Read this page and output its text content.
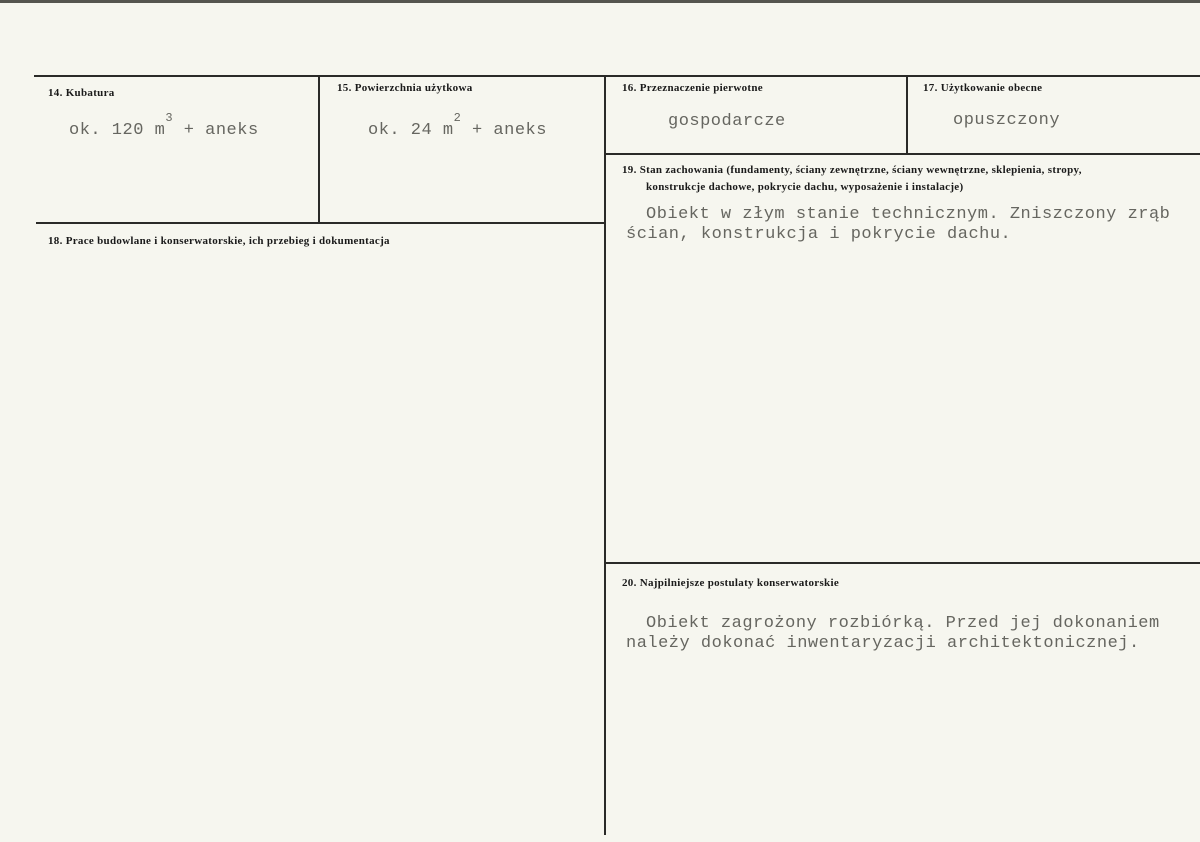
14. Kubatura
ok. 120 $m^3$ + aneks
15. Powierzchnia użytkowa
ok. 24 $m^2$ + aneks
16. Przeznaczenie pierwotne
gospodarcze
17. Użytkowanie obecne
opuszczony
18. Prace budowlane i konserwatorskie, ich przebieg i dokumentacja
19. Stan zachowania (fundamenty, ściany zewnętrzne, ściany wewnętrzne, sklepienia, stropy,
konstrukcje dachowe, pokrycie dachu, wyposażenie i instalacje)
Obiekt w złym stanie technicznym. Zniszczony zrąb
ścian, konstrukcja i pokrycie dachu.
20. Najpilniejsze postulaty konserwatorskie
Obiekt zagrożony rozbiórką. Przed jej dokonaniem
należy dokonać inwentaryzacji architektonicznej.
